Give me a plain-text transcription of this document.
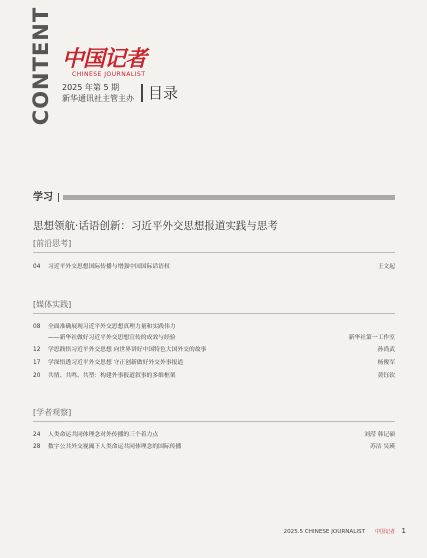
CONTENT 中国记者
CHINESE JOURNALIST
2025 年第 5 期
新华通讯社主管主办 目录
学习
思想领航·话语创新：习近平外交思想报道实践与思考
[前沿思考]
04 习近平外交思想国际传播与增强中国国际话语权	王文起
[媒体实践]
08 全面准确展现习近平外交思想真理力量和实践伟力
——新华社做好习近平外交思想宣传的成效与经验	新华社第一工作室
12 学思践悟习近平外交思想 向世界讲好中国特色大国外交的故事	孙尚武
17 学深悟透习近平外交思想 守正创新做好外交外事报道	杨俊军
20 共情、共鸣、共塑：构建外事报道叙事的多维框架	黄钰钦
[学者观察]
24 人类命运共同体理念对外传播的三个着力点	刘滢 韩记硕
28 数字公共外交视阈下人类命运共同体理念的国际传播	苏洁 吴瑛
2025.5 CHINESE JOURNALIST 中国记者 1
